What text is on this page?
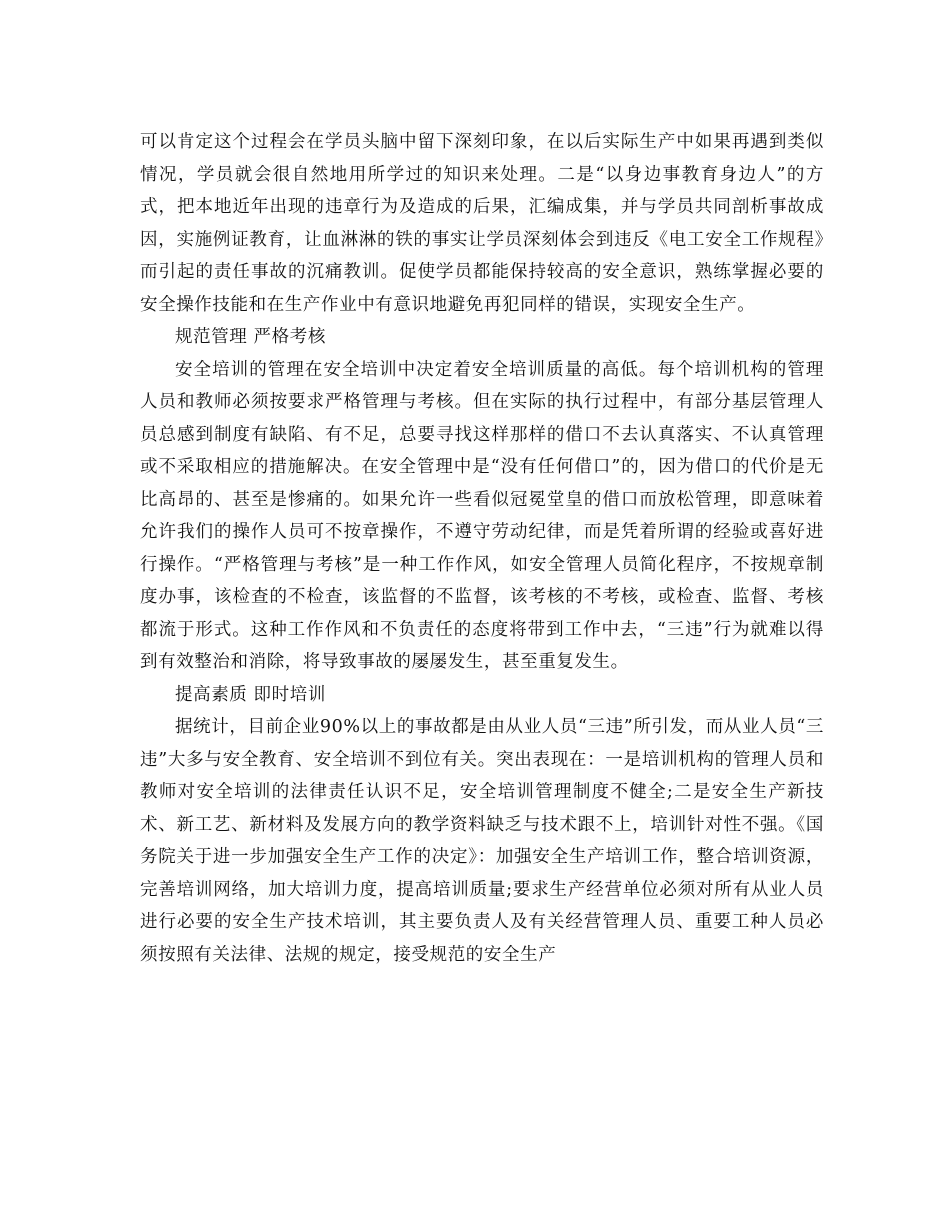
可以肯定这个过程会在学员头脑中留下深刻印象，在以后实际生产中如果再遇到类似情况，学员就会很自然地用所学过的知识来处理。二是“以身边事教育身边人”的方式，把本地近年出现的违章行为及造成的后果，汇编成集，并与学员共同剖析事故成因，实施例证教育，让血淋淋的铁的事实让学员深刻体会到违反《电工安全工作规程》而引起的责任事故的沉痛教训。促使学员都能保持较高的安全意识，熟练掌握必要的安全操作技能和在生产作业中有意识地避免再犯同样的错误，实现安全生产。

规范管理 严格考核

安全培训的管理在安全培训中决定着安全培训质量的高低。每个培训机构的管理人员和教师必须按要求严格管理与考核。但在实际的执行过程中，有部分基层管理人员总感到制度有缺陷、有不足，总要寻找这样那样的借口不去认真落实、不认真管理或不采取相应的措施解决。在安全管理中是“没有任何借口”的，因为借口的代价是无比高昂的、甚至是惨痛的。如果允许一些看似冠冕堂皇的借口而放松管理，即意味着允许我们的操作人员可不按章操作，不遵守劳动纪律，而是凭着所谓的经验或喜好进行操作。“严格管理与考核”是一种工作作风，如安全管理人员简化程序，不按规章制度办事，该检查的不检查，该监督的不监督，该考核的不考核，或检查、监督、考核都流于形式。这种工作作风和不负责任的态度将带到工作中去，“三违”行为就难以得到有效整治和消除，将导致事故的屡屡发生，甚至重复发生。

提高素质 即时培训

据统计，目前企业90%以上的事故都是由从业人员“三违”所引发，而从业人员“三违”大多与安全教育、安全培训不到位有关。突出表现在：一是培训机构的管理人员和教师对安全培训的法律责任认识不足，安全培训管理制度不健全;二是安全生产新技术、新工艺、新材料及发展方向的教学资料缺乏与技术跟不上，培训针对性不强。《国务院关于进一步加强安全生产工作的决定》：加强安全生产培训工作，整合培训资源，完善培训网络，加大培训力度，提高培训质量;要求生产经营单位必须对所有从业人员进行必要的安全生产技术培训，其主要负责人及有关经营管理人员、重要工种人员必须按照有关法律、法规的规定，接受规范的安全生产
